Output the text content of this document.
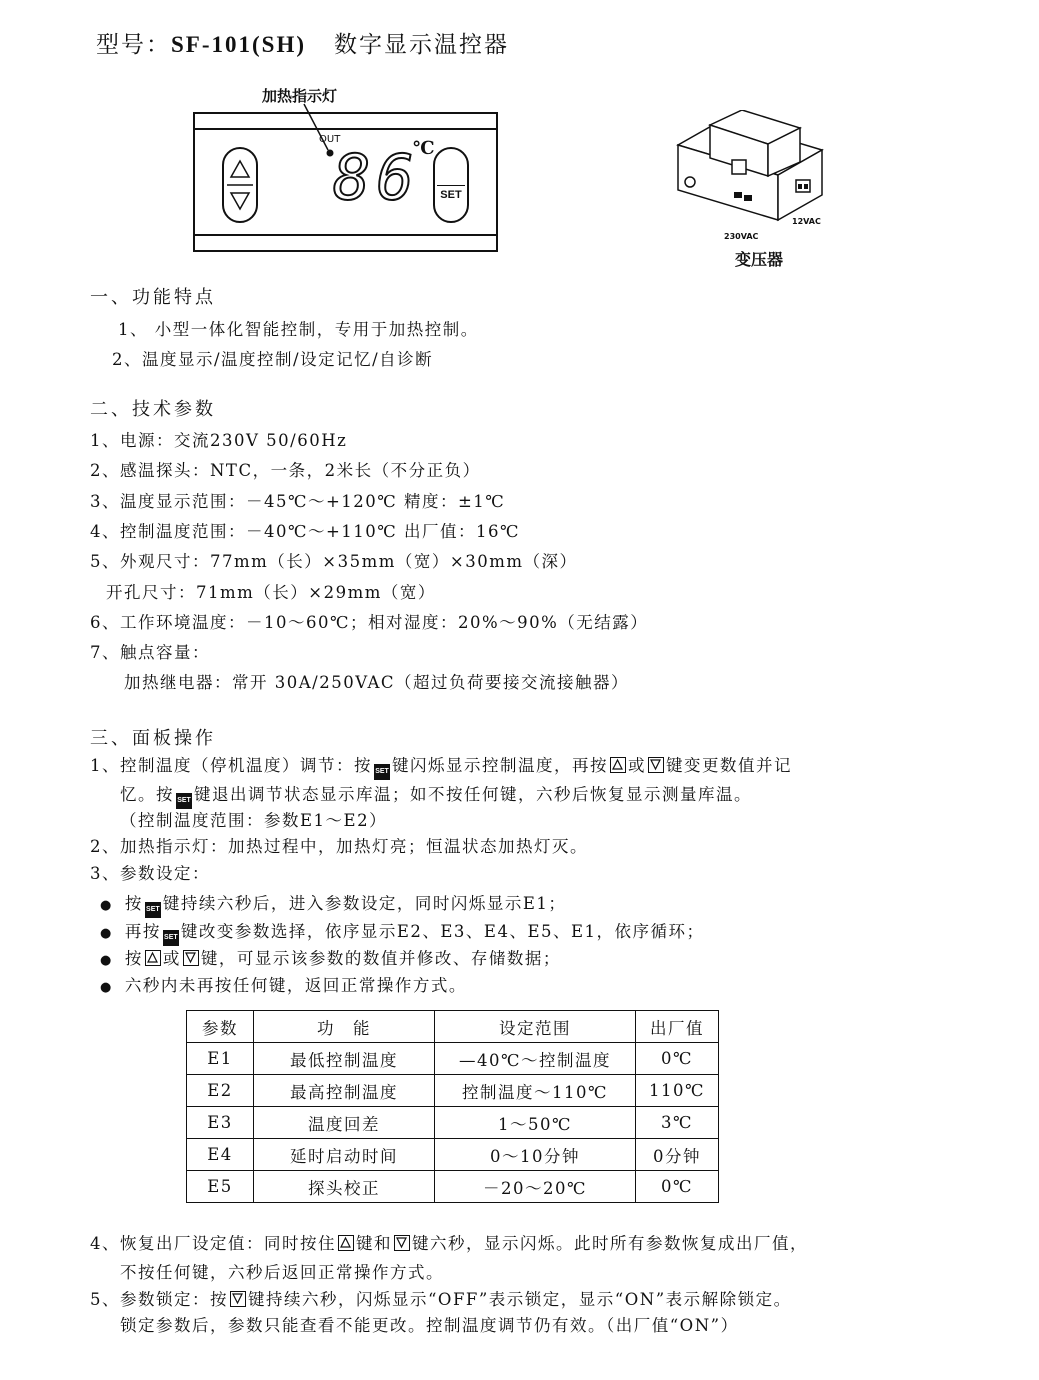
型号：SF-101(SH) 数字显示温控器
加热指示灯
OUT
86
℃
SET
230VAC
12VAC
变压器
一、功能特点
1、 小型一体化智能控制，专用于加热控制。
2、温度显示/温度控制/设定记忆/自诊断
二、技术参数
1、电源：交流230V 50/60Hz
2、感温探头：NTC，一条，2米长（不分正负）
3、温度显示范围：－45℃～+120℃ 精度：±1℃
4、控制温度范围：－40℃～+110℃ 出厂值：16℃
5、外观尺寸：77mm（长）×35mm（宽）×30mm（深）
开孔尺寸：71mm（长）×29mm（宽）
6、工作环境温度：－10～60℃；相对湿度：20%～90%（无结露）
7、触点容量：
加热继电器：常开 30A/250VAC（超过负荷要接交流接触器）
三、面板操作
1、控制温度（停机温度）调节：按 SET 键闪烁显示控制温度，再按 或 键变更数值并记
忆。按 SET 键退出调节状态显示库温；如不按任何键，六秒后恢复显示测量库温。
（控制温度范围：参数E1～E2）
2、加热指示灯：加热过程中，加热灯亮；恒温状态加热灯灭。
3、参数设定：
● 按 SET 键持续六秒后，进入参数设定，同时闪烁显示E1；
● 再按 SET 键改变参数选择，依序显示E2、E3、E4、E5、E1，依序循环；
● 按 或 键，可显示该参数的数值并修改、存储数据；
● 六秒内未再按任何键，返回正常操作方式。
参数	功　能	设定范围	出厂值
E1	最低控制温度	—40℃～控制温度	0℃
E2	最高控制温度	控制温度～110℃	110℃
E3	温度回差	1～50℃	3℃
E4	延时启动时间	0～10分钟	0分钟
E5	探头校正	－20～20℃	0℃
4、恢复出厂设定值：同时按住 键和 键六秒，显示闪烁。此时所有参数恢复成出厂值，
不按任何键，六秒后返回正常操作方式。
5、参数锁定：按 键持续六秒，闪烁显示“OFF”表示锁定，显示“ON”表示解除锁定。
锁定参数后，参数只能查看不能更改。控制温度调节仍有效。（出厂值“ON”）
